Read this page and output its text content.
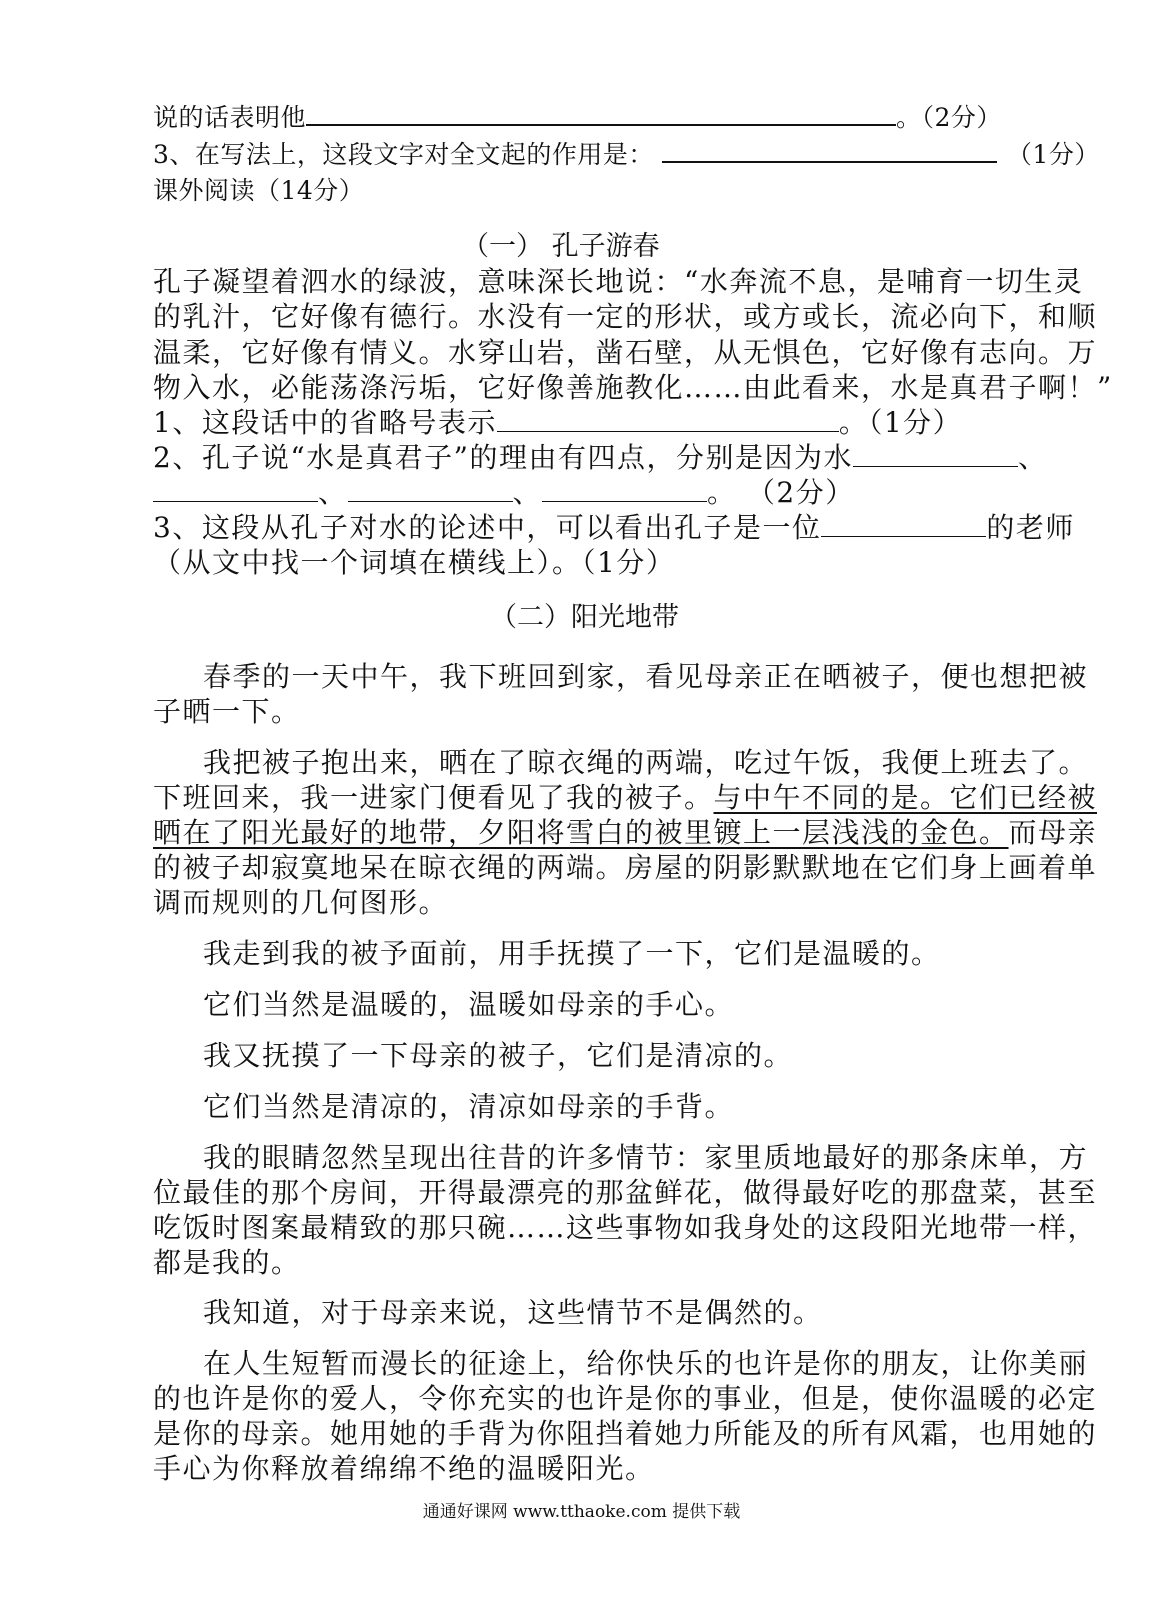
说的话表明他	。（2分）
3、在写法上，这段文字对全文起的作用是：	（1分）
课外阅读（14分）
（一） 孔子游春
孔子凝望着泗水的绿波，意味深长地说：“水奔流不息，是哺育一切生灵
的乳汁，它好像有德行。水没有一定的形状，或方或长，流必向下，和顺
温柔，它好像有情义。水穿山岩，凿石壁，从无惧色，它好像有志向。万
物入水，必能荡涤污垢，它好像善施教化……由此看来，水是真君子啊！”
1、这段话中的省略号表示	。（1分）
2、孔子说“水是真君子”的理由有四点，分别是因为水	、
、	、	。 （2分）
3、这段从孔子对水的论述中，可以看出孔子是一位	的老师
（从文中找一个词填在横线上）。（1分）
（二）阳光地带
春季的一天中午，我下班回到家，看见母亲正在晒被子，便也想把被
子晒一下。
我把被子抱出来，晒在了晾衣绳的两端，吃过午饭，我便上班去了。
下班回来，我一进家门便看见了我的被子。与中午不同的是。它们已经被
晒在了阳光最好的地带，夕阳将雪白的被里镀上一层浅浅的金色。而母亲
的被子却寂寞地呆在晾衣绳的两端。房屋的阴影默默地在它们身上画着单
调而规则的几何图形。
我走到我的被予面前，用手抚摸了一下，它们是温暖的。
它们当然是温暖的，温暖如母亲的手心。
我又抚摸了一下母亲的被子，它们是清凉的。
它们当然是清凉的，清凉如母亲的手背。
我的眼睛忽然呈现出往昔的许多情节：家里质地最好的那条床单，方
位最佳的那个房间，开得最漂亮的那盆鲜花，做得最好吃的那盘菜，甚至
吃饭时图案最精致的那只碗……这些事物如我身处的这段阳光地带一样，
都是我的。
我知道，对于母亲来说，这些情节不是偶然的。
在人生短暂而漫长的征途上，给你快乐的也许是你的朋友，让你美丽
的也许是你的爱人，令你充实的也许是你的事业，但是，使你温暖的必定
是你的母亲。她用她的手背为你阻挡着她力所能及的所有风霜，也用她的
手心为你释放着绵绵不绝的温暖阳光。
通通好课网 www.tthaoke.com 提供下载
